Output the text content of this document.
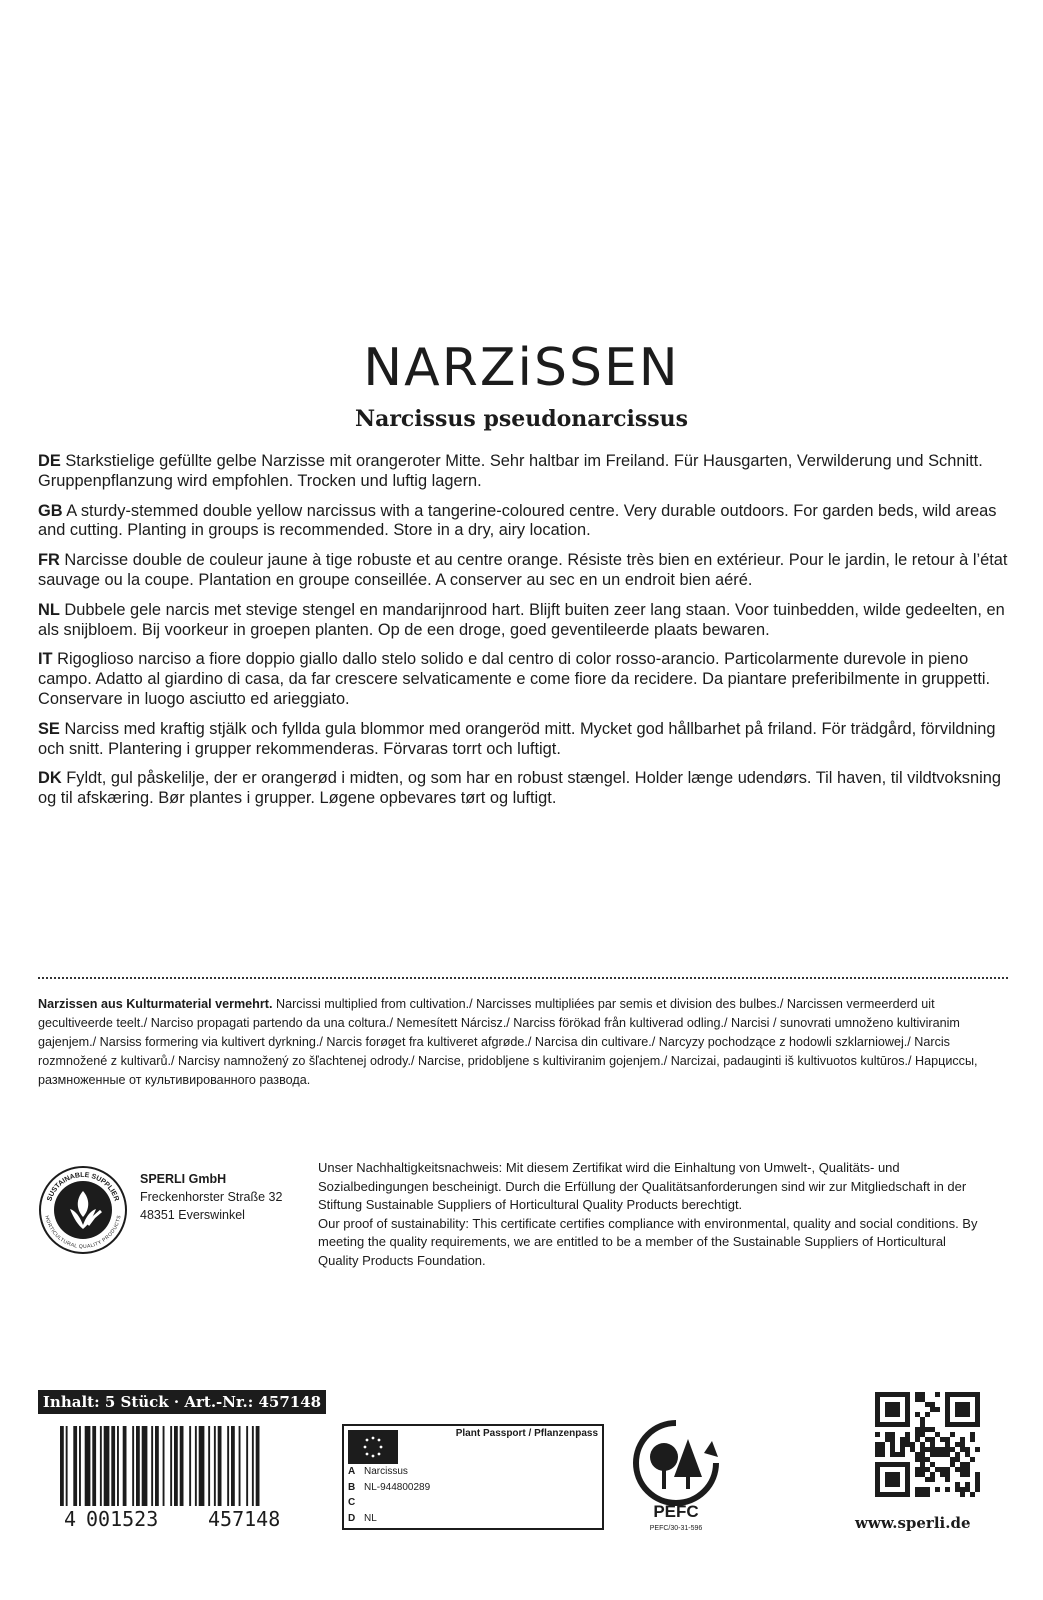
NARZiSSEN
Narcissus pseudonarcissus
DE Starkstielige gefüllte gelbe Narzisse mit orangeroter Mitte. Sehr haltbar im Freiland. Für Hausgarten, Verwilderung und Schnitt. Gruppenpflanzung wird empfohlen. Trocken und luftig lagern.
GB A sturdy-stemmed double yellow narcissus with a tangerine-coloured centre. Very durable outdoors. For garden beds, wild areas and cutting. Planting in groups is recommended. Store in a dry, airy location.
FR Narcisse double de couleur jaune à tige robuste et au centre orange. Résiste très bien en extérieur. Pour le jardin, le retour à l’état sauvage ou la coupe. Plantation en groupe conseillée. A conserver au sec en un endroit bien aéré.
NL Dubbele gele narcis met stevige stengel en mandarijnrood hart. Blijft buiten zeer lang staan. Voor tuinbedden, wilde gedeelten, en als snijbloem. Bij voorkeur in groepen planten. Op de een droge, goed geventileerde plaats bewaren.
IT Rigoglioso narciso a fiore doppio giallo dallo stelo solido e dal centro di color rosso-arancio. Particolarmente durevole in pieno campo. Adatto al giardino di casa, da far crescere selvaticamente e come fiore da recidere. Da piantare preferibilmente in gruppetti. Conservare in luogo asciutto ed arieggiato.
SE Narciss med kraftig stjälk och fyllda gula blommor med orangeröd mitt. Mycket god hållbarhet på friland. För trädgård, förvildning och snitt. Plantering i grupper rekommenderas. Förvaras torrt och luftigt.
DK Fyldt, gul påskelilje, der er orangerød i midten, og som har en robust stængel. Holder længe udendørs. Til haven, til vildtvoksning og til afskæring. Bør plantes i grupper. Løgene opbevares tørt og luftigt.
Narzissen aus Kulturmaterial vermehrt. Narcissi multiplied from cultivation./ Narcisses multipliées par semis et division des bulbes./ Narcissen vermeerderd uit gecultiveerde teelt./ Narciso propagati partendo da una coltura./ Nemesített Nárcisz./ Narciss förökad från kultiverad odling./ Narcisi / sunovrati umnoženo kultiviranim gajenjem./ Narsiss formering via kultivert dyrkning./ Narcis forøget fra kultiveret afgrøde./ Narcisa din cultivare./ Narcyzy pochodzące z hodowli szklarniowej./ Narcis rozmnožené z kultivarů./ Narcisy namnožený zo šľachtenej odrody./ Narcise, pridobljene s kultiviranim gojenjem./ Narcizai, padauginti iš kultivuotos kultūros./ Нарциссы, размноженные от культивированного развода.
SUSTAINABLE SUPPLIER
HORTICULTURAL QUALITY PRODUCTS
SPERLI GmbH
Freckenhorster Straße 32
48351 Everswinkel
Unser Nachhaltigkeitsnachweis: Mit diesem Zertifikat wird die Einhaltung von Umwelt-, Qualitäts- und Sozialbedingungen bescheinigt. Durch die Erfüllung der Qualitätsanforderungen sind wir zur Mitgliedschaft in der Stiftung Sustainable Suppliers of Horticultural Quality Products berechtigt.
Our proof of sustainability: This certificate certifies compliance with environmental, quality and social conditions. By meeting the quality requirements, we are entitled to be a member of the Sustainable Suppliers of Horticultural Quality Products Foundation.
Inhalt: 5 Stück · Art.-Nr.: 457148
4 001523 457148
Plant Passport / Pflanzenpass
A Narcissus
B NL-944800289
C
D NL	PEFC
PEFC/30-31-596	www.sperli.de
